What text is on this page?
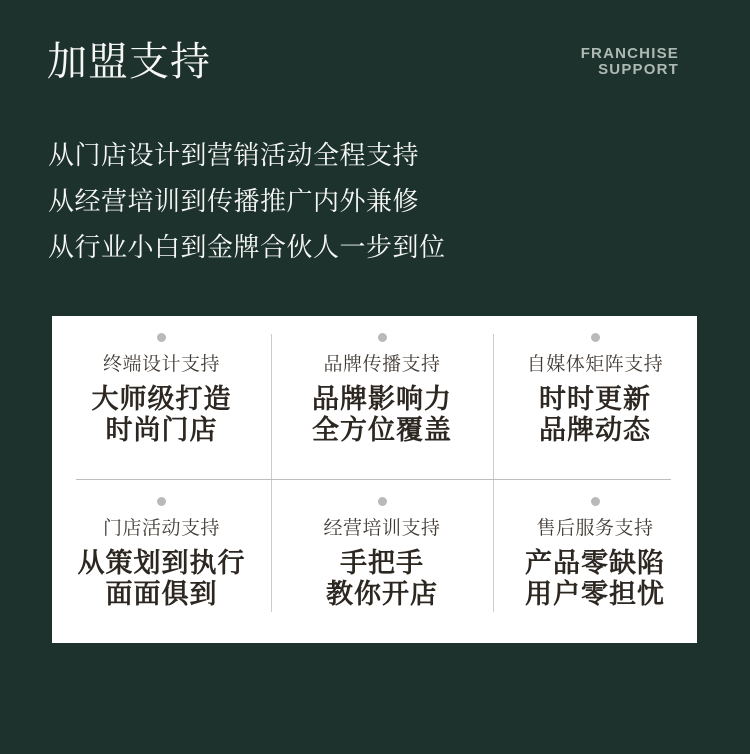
加盟支持	FRANCHISE
SUPPORT
从门店设计到营销活动全程支持
从经营培训到传播推广内外兼修
从行业小白到金牌合伙人一步到位
终端设计支持
大师级打造
时尚门店
品牌传播支持
品牌影响力
全方位覆盖
自媒体矩阵支持
时时更新
品牌动态
门店活动支持
从策划到执行
面面俱到
经营培训支持
手把手
教你开店
售后服务支持
产品零缺陷
用户零担忧
